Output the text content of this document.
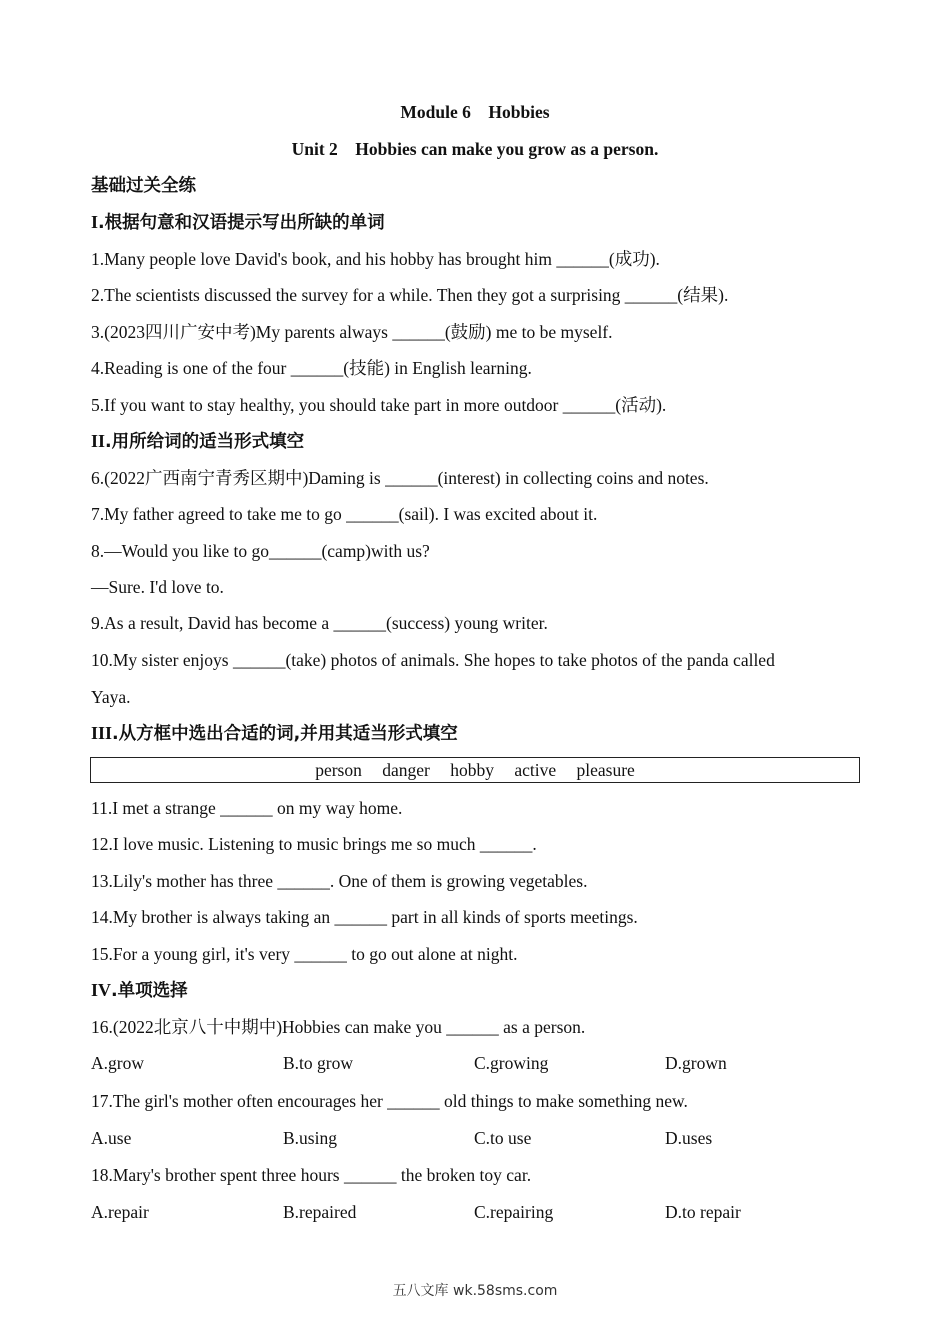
Module 6    Hobbies
Unit 2    Hobbies can make you grow as a person.
基础过关全练
I.根据句意和汉语提示写出所缺的单词
1.Many people love David's book, and his hobby has brought him ______(成功).
2.The scientists discussed the survey for a while. Then they got a surprising ______(结果).
3.(2023四川广安中考)My parents always ______(鼓励) me to be myself.
4.Reading is one of the four ______(技能) in English learning.
5.If you want to stay healthy, you should take part in more outdoor ______(活动).
II.用所给词的适当形式填空
6.(2022广西南宁青秀区期中)Daming is ______(interest) in collecting coins and notes.
7.My father agreed to take me to go ______(sail). I was excited about it.
8.—Would you like to go______(camp)with us?
—Sure. I'd love to.
9.As a result, David has become a ______(success) young writer.
10.My sister enjoys ______(take) photos of animals. She hopes to take photos of the panda called
Yaya.
III.从方框中选出合适的词,并用其适当形式填空
person danger hobby active pleasure
11.I met a strange ______ on my way home.
12.I love music. Listening to music brings me so much ______.
13.Lily's mother has three ______. One of them is growing vegetables.
14.My brother is always taking an ______ part in all kinds of sports meetings.
15.For a young girl, it's very ______ to go out alone at night.
IV.单项选择
16.(2022北京八十中期中)Hobbies can make you ______ as a person.
A.grow	B.to grow	C.growing	D.grown
17.The girl's mother often encourages her ______ old things to make something new.
A.use	B.using	C.to use	D.uses
18.Mary's brother spent three hours ______ the broken toy car.
A.repair	B.repaired	C.repairing	D.to repair
五八文库 wk.58sms.com
